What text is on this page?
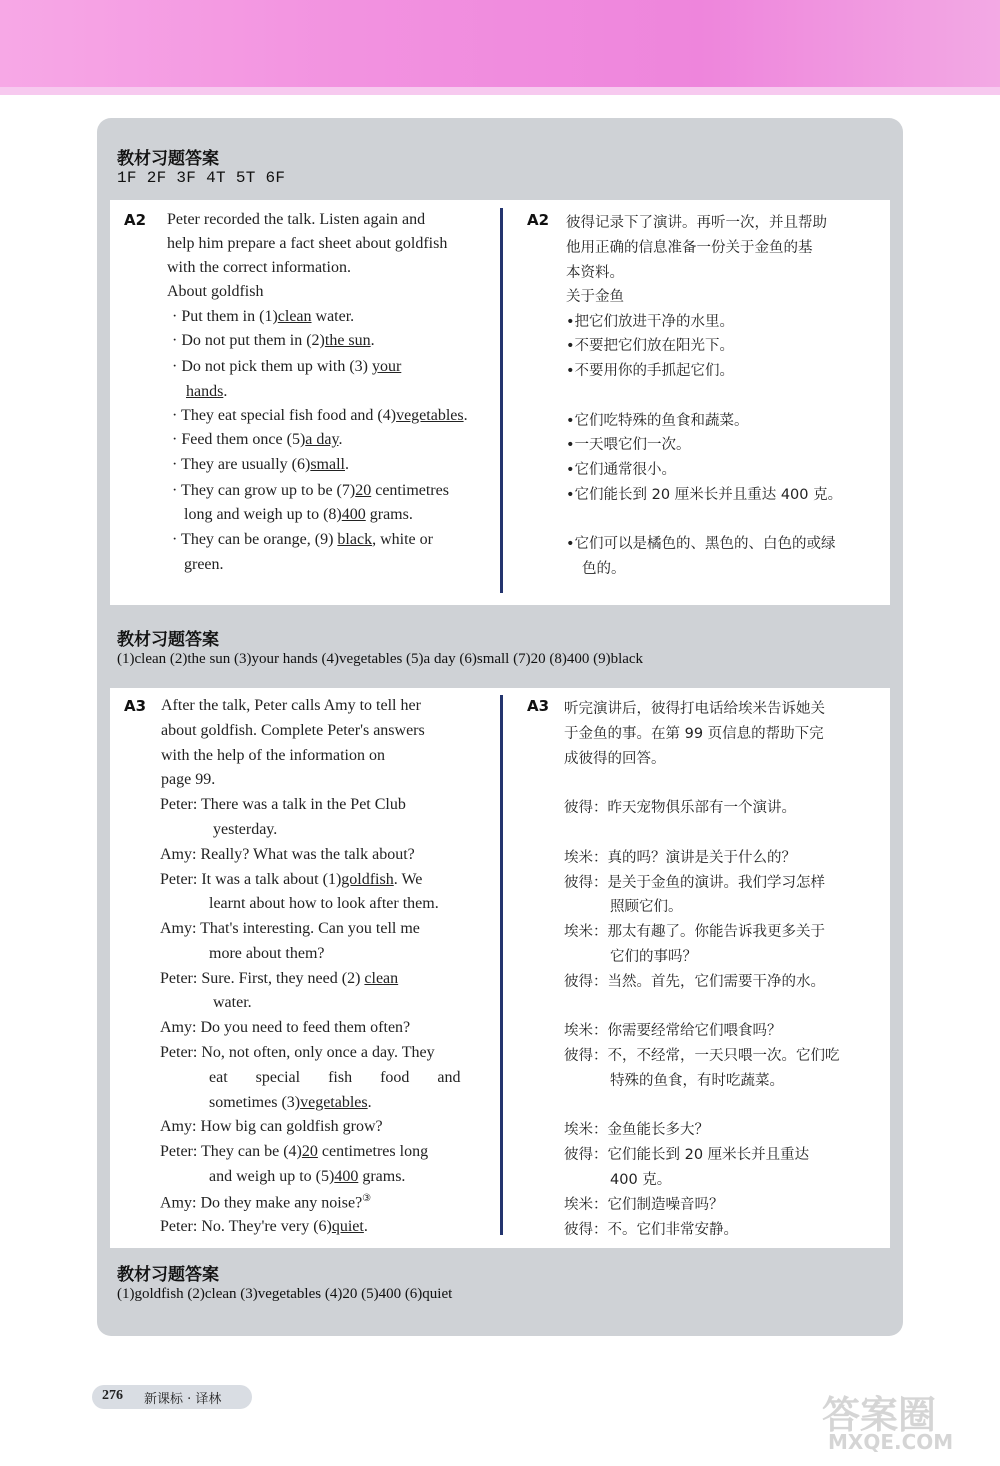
教材习题答案
1F 2F 3F 4T 5T 6F
A2 Peter recorded the talk. Listen again and
help him prepare a fact sheet about goldfish
with the correct information.
About goldfish
· Put them in (1)clean water.
· Do not put them in (2)the sun.
· Do not pick them up with (3) your
hands.
· They eat special fish food and (4)vegetables.
· Feed them once (5)a day.
· They are usually (6)small.
· They can grow up to be (7)20 centimetres
long and weigh up to (8)400 grams.
· They can be orange, (9) black, white or
green.
A2 彼得记录下了演讲。再听一次，并且帮助
他用正确的信息准备一份关于金鱼的基
本资料。
关于金鱼
•把它们放进干净的水里。
•不要把它们放在阳光下。
•不要用你的手抓起它们。
•它们吃特殊的鱼食和蔬菜。
•一天喂它们一次。
•它们通常很小。
•它们能长到 20 厘米长并且重达 400 克。
•它们可以是橘色的、黑色的、白色的或绿
色的。
教材习题答案
(1)clean (2)the sun (3)your hands (4)vegetables (5)a day (6)small (7)20 (8)400 (9)black
A3 After the talk, Peter calls Amy to tell her
about goldfish. Complete Peter's answers
with the help of the information on
page 99.
Peter: There was a talk in the Pet Club
yesterday.
Amy: Really? What was the talk about?
Peter: It was a talk about (1)goldfish. We
learnt about how to look after them.
Amy: That's interesting. Can you tell me
more about them?
Peter: Sure. First, they need (2) clean
water.
Amy: Do you need to feed them often?
Peter: No, not often, only once a day. They
eat special fish food and
sometimes (3)vegetables.
Amy: How big can goldfish grow?
Peter: They can be (4)20 centimetres long
and weigh up to (5)400 grams.
Amy: Do they make any noise?③
Peter: No. They're very (6)quiet.
A3 听完演讲后，彼得打电话给埃米告诉她关
于金鱼的事。在第 99 页信息的帮助下完
成彼得的回答。
彼得：昨天宠物俱乐部有一个演讲。
埃米：真的吗？演讲是关于什么的？
彼得：是关于金鱼的演讲。我们学习怎样
照顾它们。
埃米：那太有趣了。你能告诉我更多关于
它们的事吗？
彼得：当然。首先，它们需要干净的水。
埃米：你需要经常给它们喂食吗？
彼得：不，不经常，一天只喂一次。它们吃
特殊的鱼食，有时吃蔬菜。
埃米：金鱼能长多大？
彼得：它们能长到 20 厘米长并且重达
400 克。
埃米：它们制造噪音吗？
彼得：不。它们非常安静。
教材习题答案
(1)goldfish (2)clean (3)vegetables (4)20 (5)400 (6)quiet
276 新课标 · 译林	答案圈
MXQE.COM
